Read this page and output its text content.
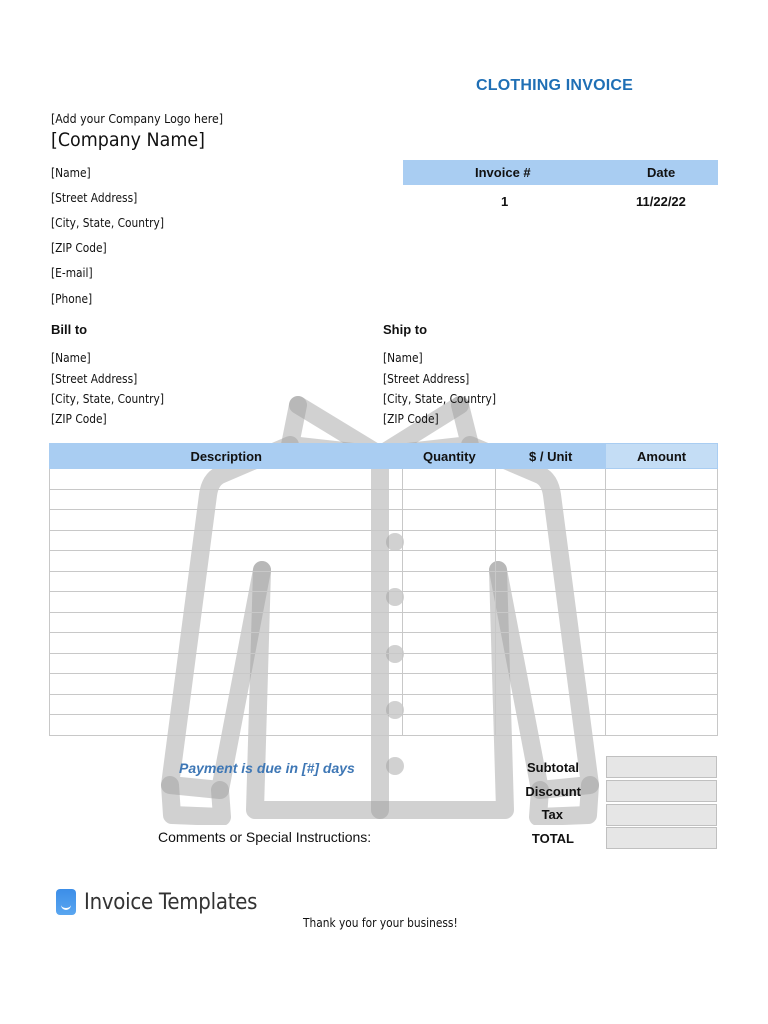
CLOTHING INVOICE
[Add your Company Logo here]
[Company Name]
[Name]
[Street Address]
[City, State, Country]
[ZIP Code]
[E-mail]
[Phone]
Invoice #	Date
1	11/22/22
Bill to	Ship to
[Name]
[Street Address]
[City, State, Country]
[ZIP Code]
[Name]
[Street Address]
[City, State, Country]
[ZIP Code]
Description	Quantity	$ / Unit	Amount

Payment is due in [#] days	Subtotal
Discount
Tax
TOTAL
Comments or Special Instructions:
Invoice Templates
Thank you for your business!
